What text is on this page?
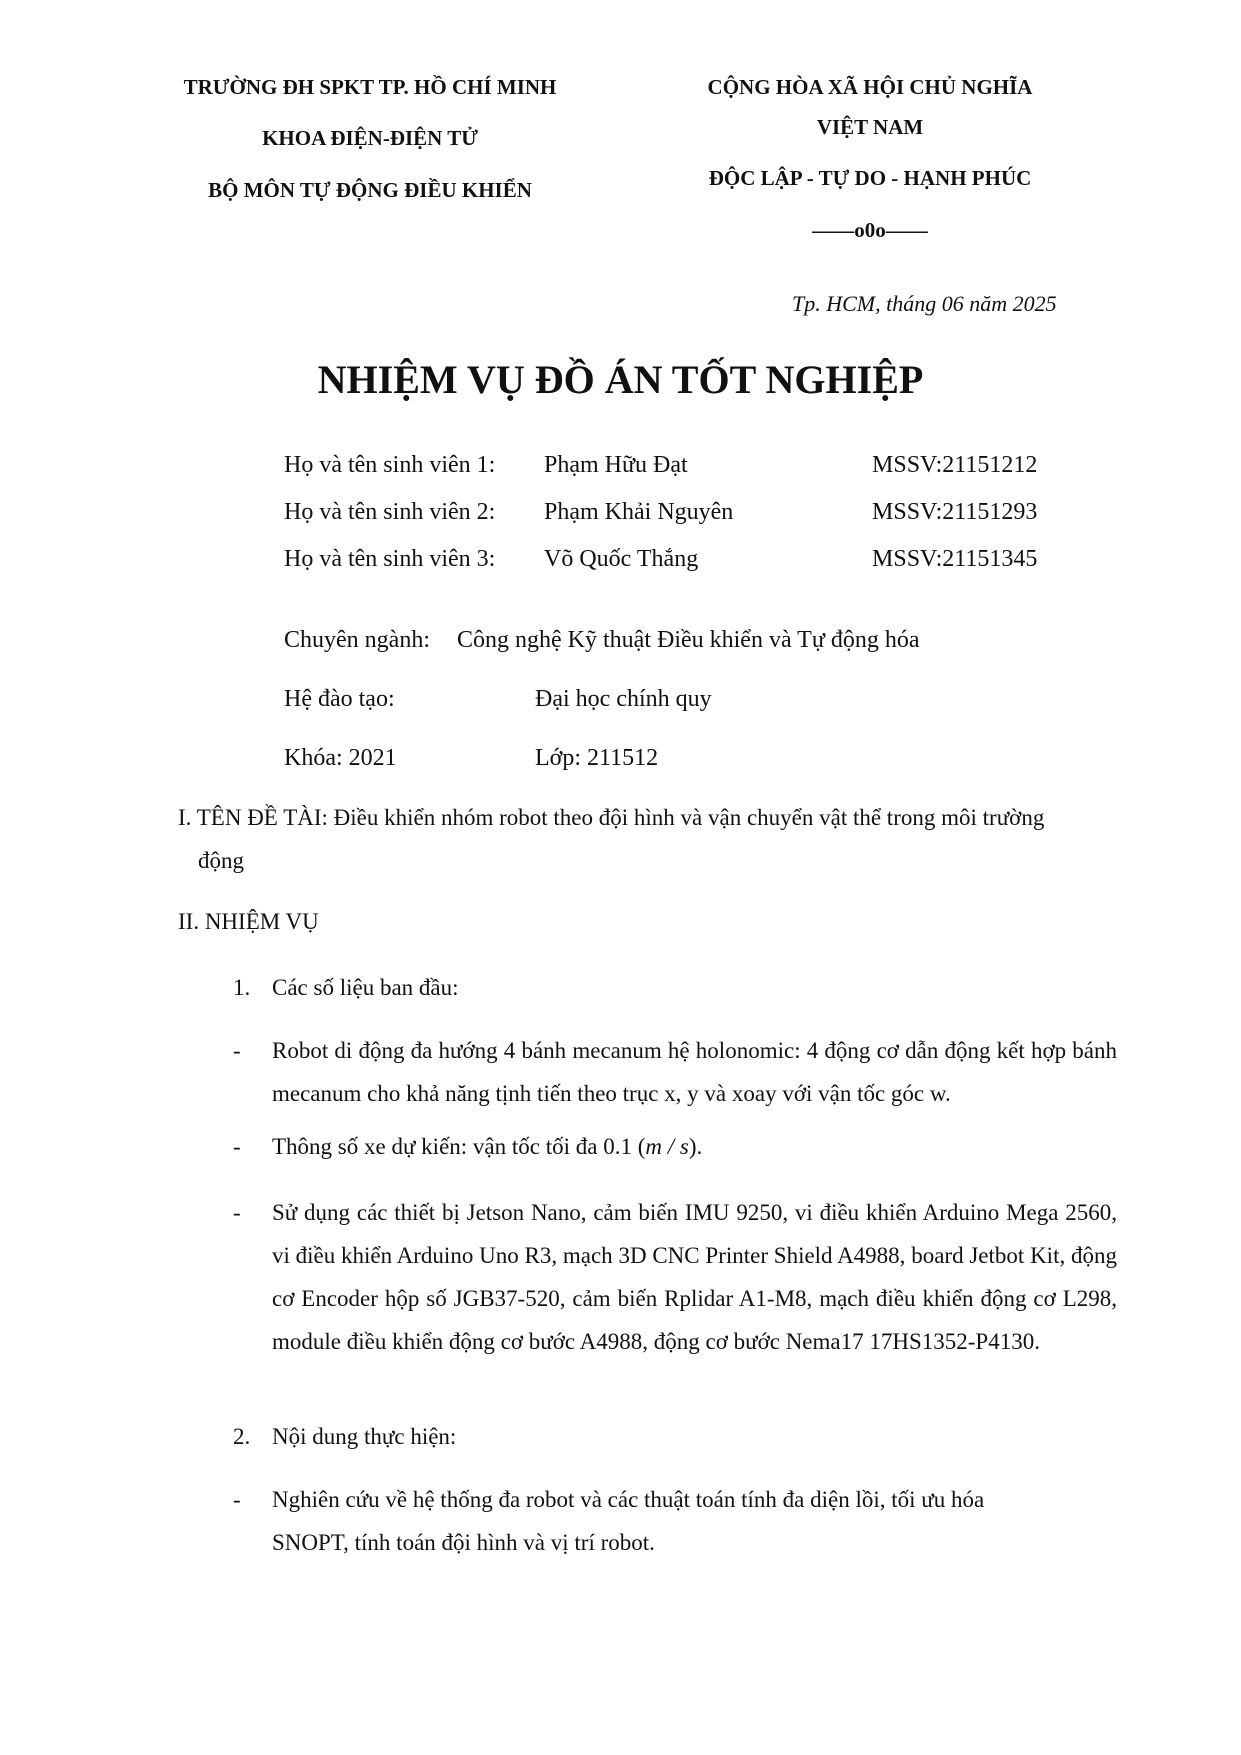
TRƯỜNG ĐH SPKT TP. HỒ CHÍ MINH
KHOA ĐIỆN-ĐIỆN TỬ
BỘ MÔN TỰ ĐỘNG ĐIỀU KHIỂN
CỘNG HÒA XÃ HỘI CHỦ NGHĨA
VIỆT NAM
ĐỘC LẬP - TỰ DO - HẠNH PHÚC
——o0o——
Tp. HCM, tháng 06 năm 2025
NHIỆM VỤ ĐỒ ÁN TỐT NGHIỆP
Họ và tên sinh viên 1: Phạm Hữu Đạt	MSSV:21151212
Họ và tên sinh viên 2: Phạm Khải Nguyên	MSSV:21151293
Họ và tên sinh viên 3: Võ Quốc Thắng	MSSV:21151345
Chuyên ngành: Công nghệ Kỹ thuật Điều khiển và Tự động hóa
Hệ đào tạo:	Đại học chính quy
Khóa: 2021	Lớp: 211512
I. TÊN ĐỀ TÀI: Điều khiển nhóm robot theo đội hình và vận chuyển vật thể trong môi trường
động
II. NHIỆM VỤ
1. Các số liệu ban đầu:
- Robot di động đa hướng 4 bánh mecanum hệ holonomic: 4 động cơ dẫn động kết hợp bánh mecanum cho khả năng tịnh tiến theo trục x, y và xoay với vận tốc góc w.
- Thông số xe dự kiến: vận tốc tối đa 0.1 (m / s).
- Sử dụng các thiết bị Jetson Nano, cảm biến IMU 9250, vi điều khiển Arduino Mega 2560, vi điều khiển Arduino Uno R3, mạch 3D CNC Printer Shield A4988, board Jetbot Kit, động cơ Encoder hộp số JGB37-520, cảm biến Rplidar A1-M8, mạch điều khiển động cơ L298, module điều khiển động cơ bước A4988, động cơ bước Nema17 17HS1352-P4130.
2. Nội dung thực hiện:
- Nghiên cứu về hệ thống đa robot và các thuật toán tính đa diện lồi, tối ưu hóa SNOPT, tính toán đội hình và vị trí robot.
